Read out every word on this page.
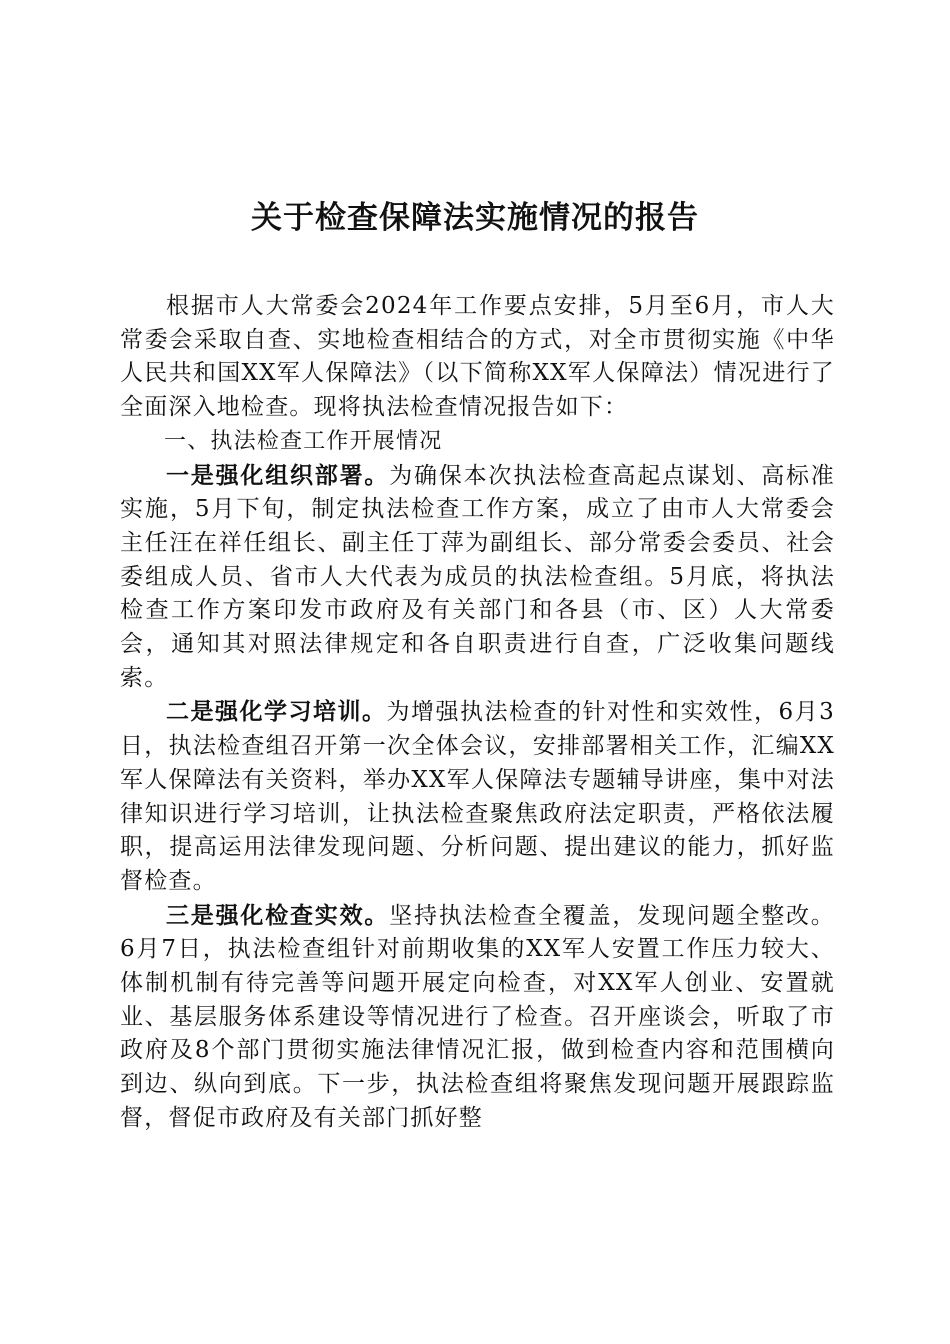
关于检查保障法实施情况的报告

根据市人大常委会2024年工作要点安排，5月至6月，市人大常委会采取自查、实地检查相结合的方式，对全市贯彻实施《中华人民共和国XX军人保障法》（以下简称XX军人保障法）情况进行了全面深入地检查。现将执法检查情况报告如下：

一、执法检查工作开展情况

一是强化组织部署。为确保本次执法检查高起点谋划、高标准实施，5月下旬，制定执法检查工作方案，成立了由市人大常委会主任汪在祥任组长、副主任丁萍为副组长、部分常委会委员、社会委组成人员、省市人大代表为成员的执法检查组。5月底，将执法检查工作方案印发市政府及有关部门和各县（市、区）人大常委会，通知其对照法律规定和各自职责进行自查，广泛收集问题线索。

二是强化学习培训。为增强执法检查的针对性和实效性，6月3日，执法检查组召开第一次全体会议，安排部署相关工作，汇编XX军人保障法有关资料，举办XX军人保障法专题辅导讲座，集中对法律知识进行学习培训，让执法检查聚焦政府法定职责，严格依法履职，提高运用法律发现问题、分析问题、提出建议的能力，抓好监督检查。

三是强化检查实效。坚持执法检查全覆盖，发现问题全整改。6月7日，执法检查组针对前期收集的XX军人安置工作压力较大、体制机制有待完善等问题开展定向检查，对XX军人创业、安置就业、基层服务体系建设等情况进行了检查。召开座谈会，听取了市政府及8个部门贯彻实施法律情况汇报，做到检查内容和范围横向到边、纵向到底。下一步，执法检查组将聚焦发现问题开展跟踪监督，督促市政府及有关部门抓好整
